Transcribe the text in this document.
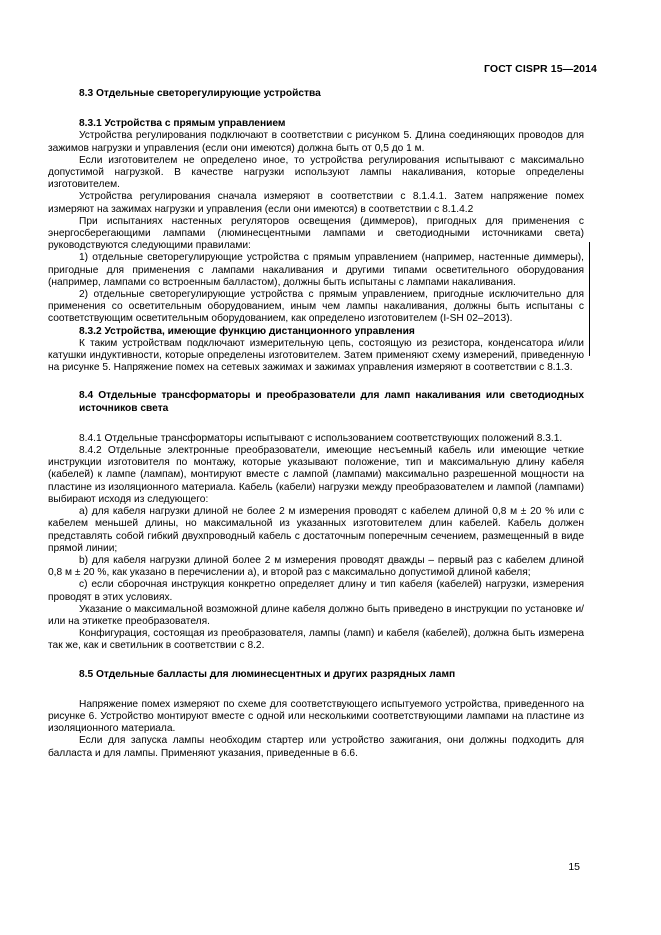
ГОСТ CISPR 15—2014
8.3 Отдельные светорегулирующие устройства
8.3.1 Устройства с прямым управлением

Устройства регулирования подключают в соответствии с рисунком 5. Длина соединяющих проводов для зажимов нагрузки и управления (если они имеются) должна быть от 0,5 до 1 м.

Если изготовителем не определено иное, то устройства регулирования испытывают с максимально допустимой нагрузкой. В качестве нагрузки используют лампы накаливания, которые определены изготовителем.

Устройства регулирования сначала измеряют в соответствии с 8.1.4.1. Затем напряжение помех измеряют на зажимах нагрузки и управления (если они имеются) в соответствии с 8.1.4.2

При испытаниях настенных регуляторов освещения (диммеров), пригодных для применения с энергосберегающими лампами (люминесцентными лампами и светодиодными источниками света) руководствуются следующими правилами:

1) отдельные светорегулирующие устройства с прямым управлением (например, настенные диммеры), пригодные для применения с лампами накаливания и другими типами осветительного оборудования (например, лампами со встроенным балластом), должны быть испытаны с лампами накаливания.

2) отдельные светорегулирующие устройства с прямым управлением, пригодные исключительно для применения со осветительным оборудованием, иным чем лампы накаливания, должны быть испытаны с соответствующим осветительным оборудованием, как определено изготовителем (I-SH 02–2013).

8.3.2 Устройства, имеющие функцию дистанционного управления

К таким устройствам подключают измерительную цепь, состоящую из резистора, конденсатора и/или катушки индуктивности, которые определены изготовителем. Затем применяют схему измерений, приведенную на рисунке 5. Напряжение помех на сетевых зажимах и зажимах управления измеряют в соответствии с 8.1.3.

8.4 Отдельные трансформаторы и преобразователи для ламп накаливания или светодиодных источников света

8.4.1 Отдельные трансформаторы испытывают с использованием соответствующих положений 8.3.1.

8.4.2 Отдельные электронные преобразователи, имеющие несъемный кабель или имеющие четкие инструкции изготовителя по монтажу, которые указывают положение, тип и максимальную длину кабеля (кабелей) к лампе (лампам), монтируют вместе с лампой (лампами) максимально разрешенной мощности на пластине из изоляционного материала. Кабель (кабели) нагрузки между преобразователем и лампой (лампами) выбирают исходя из следующего:

a) для кабеля нагрузки длиной не более 2 м измерения проводят с кабелем длиной 0,8 м ± 20 % или с кабелем меньшей длины, но максимальной из указанных изготовителем длин кабелей. Кабель должен представлять собой гибкий двухпроводный кабель с достаточным поперечным сечением, размещенный в виде прямой линии;

b) для кабеля нагрузки длиной более 2 м измерения проводят дважды – первый раз с кабелем длиной 0,8 м ± 20 %, как указано в перечислении а), и второй раз с максимально допустимой длиной кабеля;

c) если сборочная инструкция конкретно определяет длину и тип кабеля (кабелей) нагрузки, измерения проводят в этих условиях.

Указание о максимальной возможной длине кабеля должно быть приведено в инструкции по установке и/или на этикетке преобразователя.

Конфигурация, состоящая из преобразователя, лампы (ламп) и кабеля (кабелей), должна быть измерена так же, как и светильник в соответствии с 8.2.

8.5 Отдельные балласты для люминесцентных и других разрядных ламп

Напряжение помех измеряют по схеме для соответствующего испытуемого устройства, приведенного на рисунке 6. Устройство монтируют вместе с одной или несколькими соответствующими лампами на пластине из изоляционного материала.

Если для запуска лампы необходим стартер или устройство зажигания, они должны подходить для балласта и для лампы. Применяют указания, приведенные в 6.6.

15
